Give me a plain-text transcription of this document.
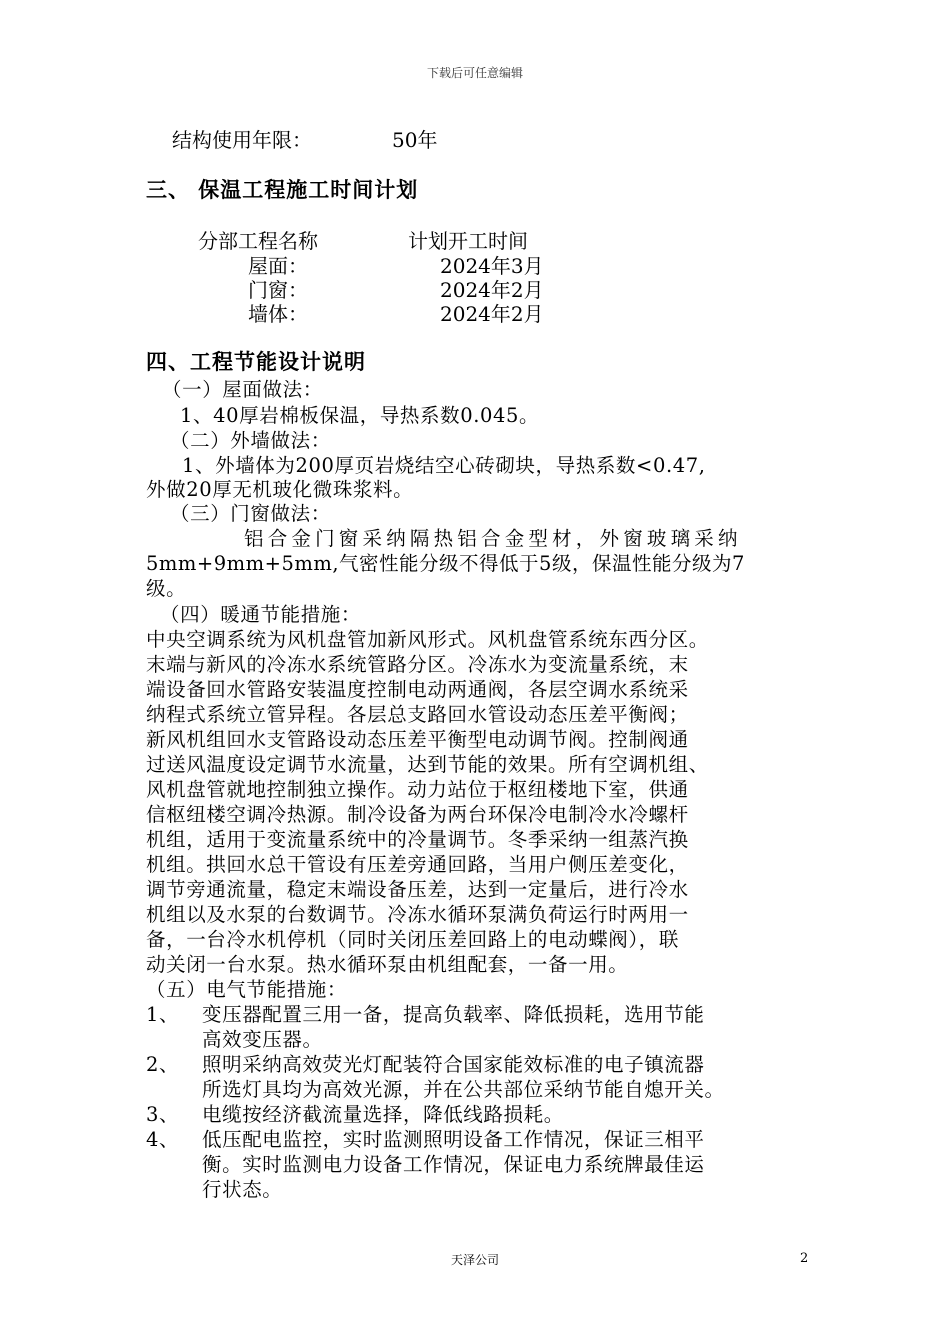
下载后可任意编辑
结构使用年限：	50年
三、 保温工程施工时间计划
分部工程名称	计划开工时间
屋面：	2024年3月
门窗：	2024年2月
墙体：	2024年2月
四、工程节能设计说明
（一）屋面做法：
1、40厚岩棉板保温，导热系数0.045。
（二）外墙做法：
1、外墙体为200厚页岩烧结空心砖砌块，导热系数<0.47,
外做20厚无机玻化微珠浆料。
（三）门窗做法：
铝合金门窗采纳隔热铝合金型材，外窗玻璃采纳
5mm+9mm+5mm,气密性能分级不得低于5级，保温性能分级为7
级。
（四）暖通节能措施：
中央空调系统为风机盘管加新风形式。风机盘管系统东西分区。
末端与新风的冷冻水系统管路分区。冷冻水为变流量系统，末
端设备回水管路安装温度控制电动两通阀，各层空调水系统采
纳程式系统立管异程。各层总支路回水管设动态压差平衡阀；
新风机组回水支管路设动态压差平衡型电动调节阀。控制阀通
过送风温度设定调节水流量，达到节能的效果。所有空调机组、
风机盘管就地控制独立操作。动力站位于枢纽楼地下室，供通
信枢纽楼空调冷热源。制冷设备为两台环保冷电制冷水冷螺杆
机组，适用于变流量系统中的冷量调节。冬季采纳一组蒸汽换
机组。拱回水总干管设有压差旁通回路，当用户侧压差变化，
调节旁通流量，稳定末端设备压差，达到一定量后，进行冷水
机组以及水泵的台数调节。冷冻水循环泵满负荷运行时两用一
备，一台冷水机停机（同时关闭压差回路上的电动蝶阀），联
动关闭一台水泵。热水循环泵由机组配套，一备一用。
（五）电气节能措施：
1、 变压器配置三用一备，提高负载率、降低损耗，选用节能
高效变压器。
2、 照明采纳高效荧光灯配装符合国家能效标准的电子镇流器
所选灯具均为高效光源，并在公共部位采纳节能自熄开关。
3、 电缆按经济截流量选择，降低线路损耗。
4、 低压配电监控，实时监测照明设备工作情况，保证三相平
衡。实时监测电力设备工作情况，保证电力系统牌最佳运
行状态。
天泽公司	2
